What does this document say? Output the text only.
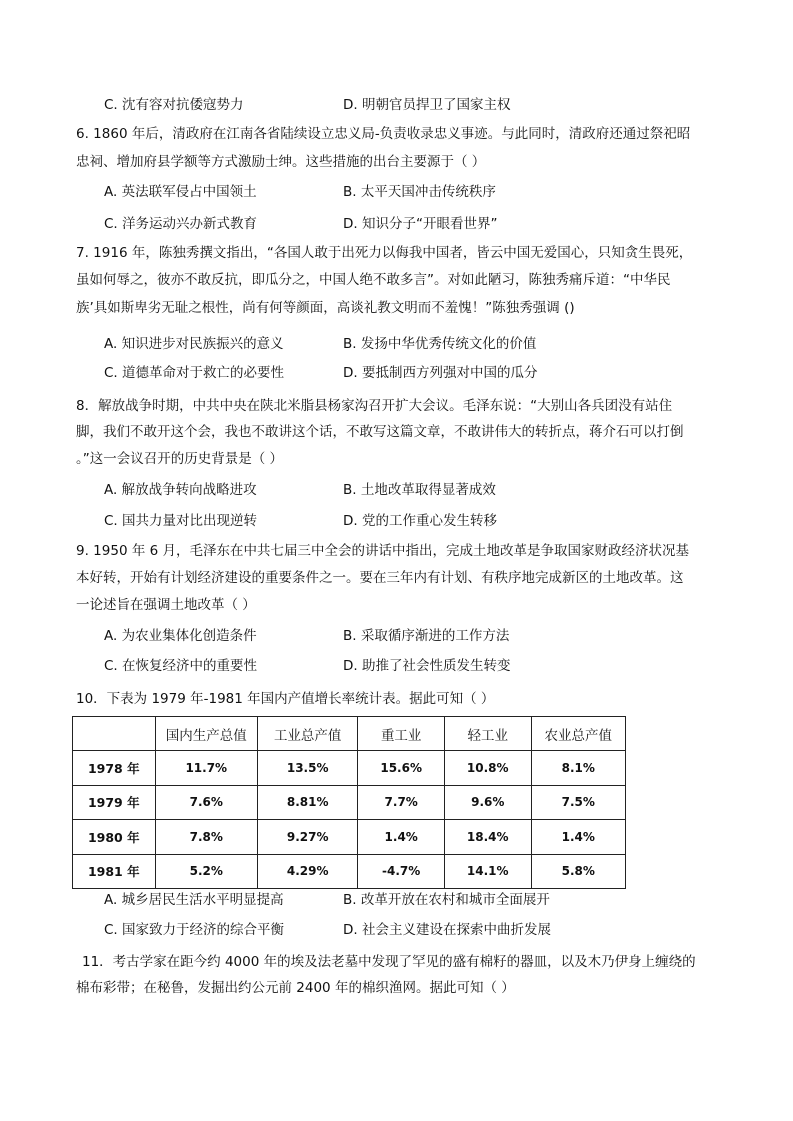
C. 沈有容对抗倭寇势力	D. 明朝官员捍卫了国家主权
6. 1860 年后，清政府在江南各省陆续设立忠义局-负责收录忠义事迹。与此同时，清政府还通过祭祀昭
忠祠、增加府县学额等方式激励士绅。这些措施的出台主要源于（ ）
A. 英法联军侵占中国领土	B. 太平天国冲击传统秩序
C. 洋务运动兴办新式教育	D. 知识分子“开眼看世界”
7. 1916 年，陈独秀撰文指出，“各国人敢于出死力以侮我中国者，皆云中国无爱国心，只知贪生畏死，
虽如何辱之，彼亦不敢反抗，即瓜分之，中国人绝不敢多言”。对如此陋习，陈独秀痛斥道：“中华民
族’具如斯卑劣无耻之根性，尚有何等颜面，高谈礼教文明而不羞愧！”陈独秀强调 ()
A. 知识进步对民族振兴的意义	B. 发扬中华优秀传统文化的价值
C. 道德革命对于救亡的必要性	D. 要抵制西方列强对中国的瓜分
8．解放战争时期，中共中央在陕北米脂县杨家沟召开扩大会议。毛泽东说：“大别山各兵团没有站住
脚，我们不敢开这个会，我也不敢讲这个话，不敢写这篇文章，不敢讲伟大的转折点，蒋介石可以打倒
。”这一会议召开的历史背景是（ ）
A. 解放战争转向战略进攻	B. 土地改革取得显著成效
C. 国共力量对比出现逆转	D. 党的工作重心发生转移
9. 1950 年 6 月，毛泽东在中共七届三中全会的讲话中指出，完成土地改革是争取国家财政经济状况基
本好转，开始有计划经济建设的重要条件之一。要在三年内有计划、有秩序地完成新区的土地改革。这
一论述旨在强调土地改革（ ）
A. 为农业集体化创造条件	B. 采取循序渐进的工作方法
C. 在恢复经济中的重要性	D. 助推了社会性质发生转变
10．下表为 1979 年-1981 年国内产值增长率统计表。据此可知（ ）
	国内生产总值	工业总产值	重工业	轻工业	农业总产值
1978 年	11.7%	13.5%	15.6%	10.8%	8.1%
1979 年	7.6%	8.81%	7.7%	9.6%	7.5%
1980 年	7.8%	9.27%	1.4%	18.4%	1.4%
1981 年	5.2%	4.29%	-4.7%	14.1%	5.8%
A. 城乡居民生活水平明显提高	B. 改革开放在农村和城市全面展开
C. 国家致力于经济的综合平衡	D. 社会主义建设在探索中曲折发展
11．考古学家在距今约 4000 年的埃及法老墓中发现了罕见的盛有棉籽的器皿，以及木乃伊身上缠绕的
棉布彩带；在秘鲁，发掘出约公元前 2400 年的棉织渔网。据此可知（ ）
